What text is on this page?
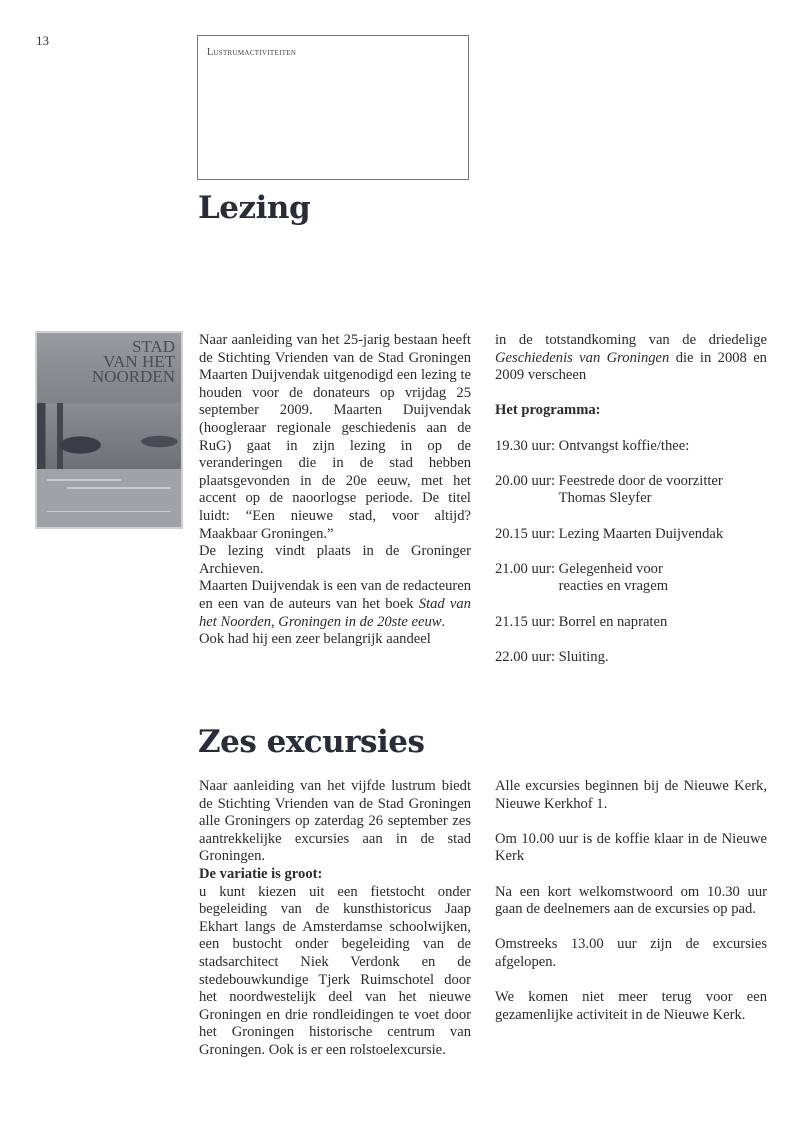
13
Lustrumactiviteiten
Lezing
STAD
VAN HET
NOORDEN

Naar aanleiding van het 25-jarig bestaan heeft de Stichting Vrienden van de Stad Groningen Maarten Duijvendak uitgenodigd een lezing te houden voor de donateurs op vrijdag 25 september 2009. Maarten Duijvendak (hoogleraar regionale geschiedenis aan de RuG) gaat in zijn lezing in op de veranderingen die in de stad hebben plaatsgevonden in de 20e eeuw, met het accent op de naoorlogse periode. De titel luidt: “Een nieuwe stad, voor altijd? Maakbaar Groningen.”

De lezing vindt plaats in de Groninger Archieven.

Maarten Duijvendak is een van de redacteuren en een van de auteurs van het boek Stad van het Noorden, Groningen in de 20ste eeuw.

Ook had hij een zeer belangrijk aandeel

in de totstandkoming van de driedelige Geschiedenis van Groningen die in 2008 en 2009 verscheen

Het programma:

19.30 uur: Ontvangst koffie/thee:
20.00 uur: Feestrede door de voorzitter
Thomas Sleyfer
20.15 uur: Lezing Maarten Duijvendak
21.00 uur: Gelegenheid voor
reacties en vragem
21.15 uur: Borrel en napraten
22.00 uur: Sluiting.
Zes excursies

Naar aanleiding van het vijfde lustrum biedt de Stichting Vrienden van de Stad Groningen alle Groningers op zaterdag 26 september zes aantrekkelijke excursies aan in de stad Groningen.

De variatie is groot:

u kunt kiezen uit een fietstocht onder begeleiding van de kunsthistoricus Jaap Ekhart langs de Amsterdamse schoolwijken, een bustocht onder begeleiding van de stadsarchitect Niek Verdonk en de stedebouwkundige Tjerk Ruimschotel door het noordwestelijk deel van het nieuwe Groningen en drie rondleidingen te voet door het Groningen historische centrum van Groningen. Ook is er een rolstoelexcursie.

Alle excursies beginnen bij de Nieuwe Kerk, Nieuwe Kerkhof 1.

Om 10.00 uur is de koffie klaar in de Nieuwe Kerk

Na een kort welkomstwoord om 10.30 uur gaan de deelnemers aan de excursies op pad.

Omstreeks 13.00 uur zijn de excursies afgelopen.

We komen niet meer terug voor een gezamenlijke activiteit in de Nieuwe Kerk.
